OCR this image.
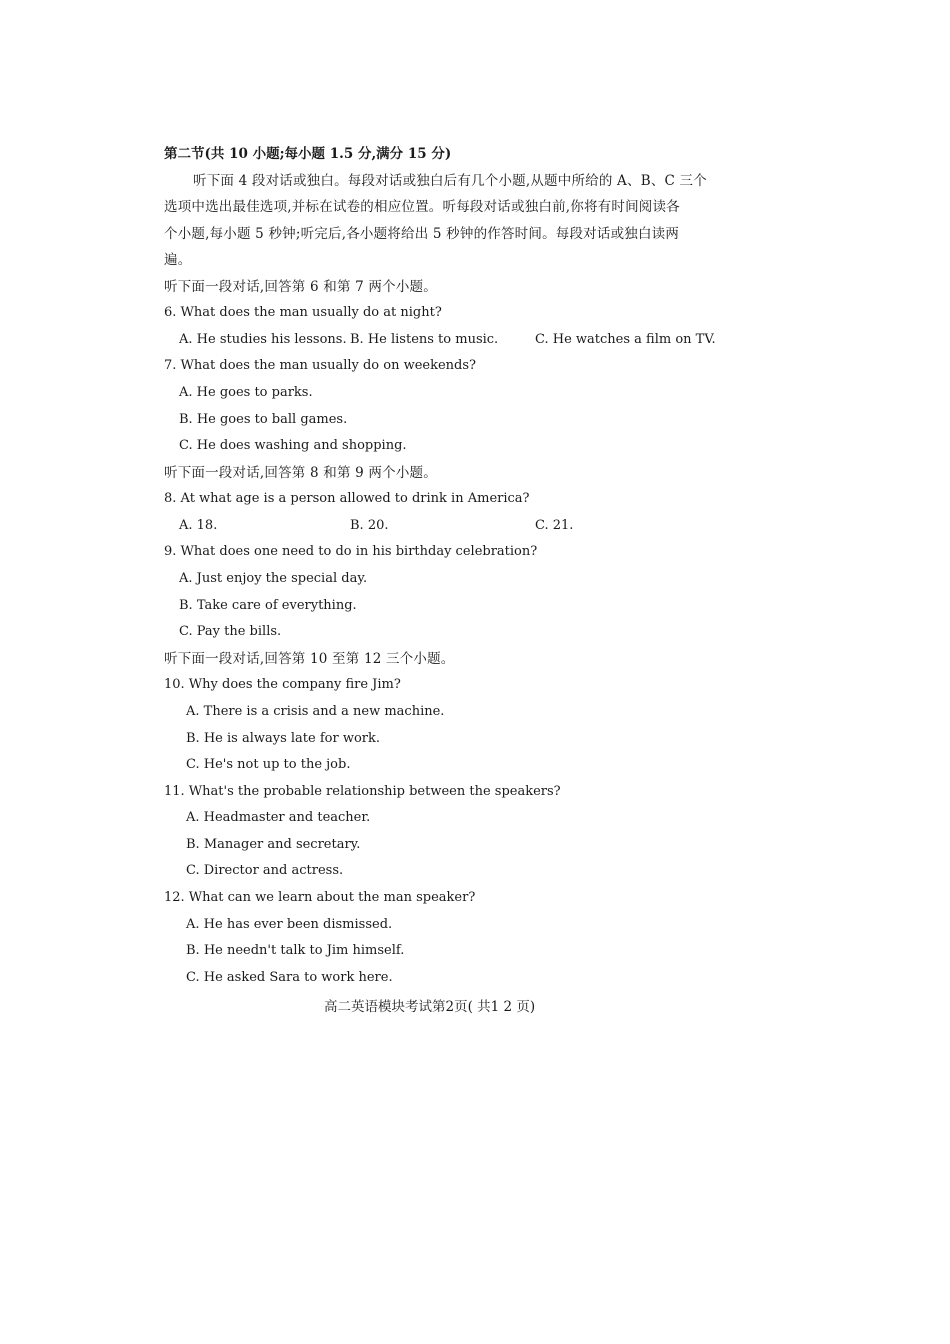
第二节(共 10 小题;每小题 1.5 分,满分 15 分)
听下面 4 段对话或独白。每段对话或独白后有几个小题,从题中所给的 A、B、C 三个
选项中选出最佳选项,并标在试卷的相应位置。听每段对话或独白前,你将有时间阅读各
个小题,每小题 5 秒钟;听完后,各小题将给出 5 秒钟的作答时间。每段对话或独白读两
遍。
听下面一段对话,回答第 6 和第 7 两个小题。
6. What does the man usually do at night?
A. He studies his lessons. B. He listens to music.	C. He watches a film on TV.
7. What does the man usually do on weekends?
A. He goes to parks.
B. He goes to ball games.
C. He does washing and shopping.
听下面一段对话,回答第 8 和第 9 两个小题。
8. At what age is a person allowed to drink in America?
A. 18.	B. 20.	C. 21.
9. What does one need to do in his birthday celebration?
A. Just enjoy the special day.
B. Take care of everything.
C. Pay the bills.
听下面一段对话,回答第 10 至第 12 三个小题。
10. Why does the company fire Jim?
A. There is a crisis and a new machine.
B. He is always late for work.
C. He's not up to the job.
11. What's the probable relationship between the speakers?
A. Headmaster and teacher.
B. Manager and secretary.
C. Director and actress.
12. What can we learn about the man speaker?
A. He has ever been dismissed.
B. He needn't talk to Jim himself.
C. He asked Sara to work here.
高二英语模块考试第2页( 共1 2 页)
